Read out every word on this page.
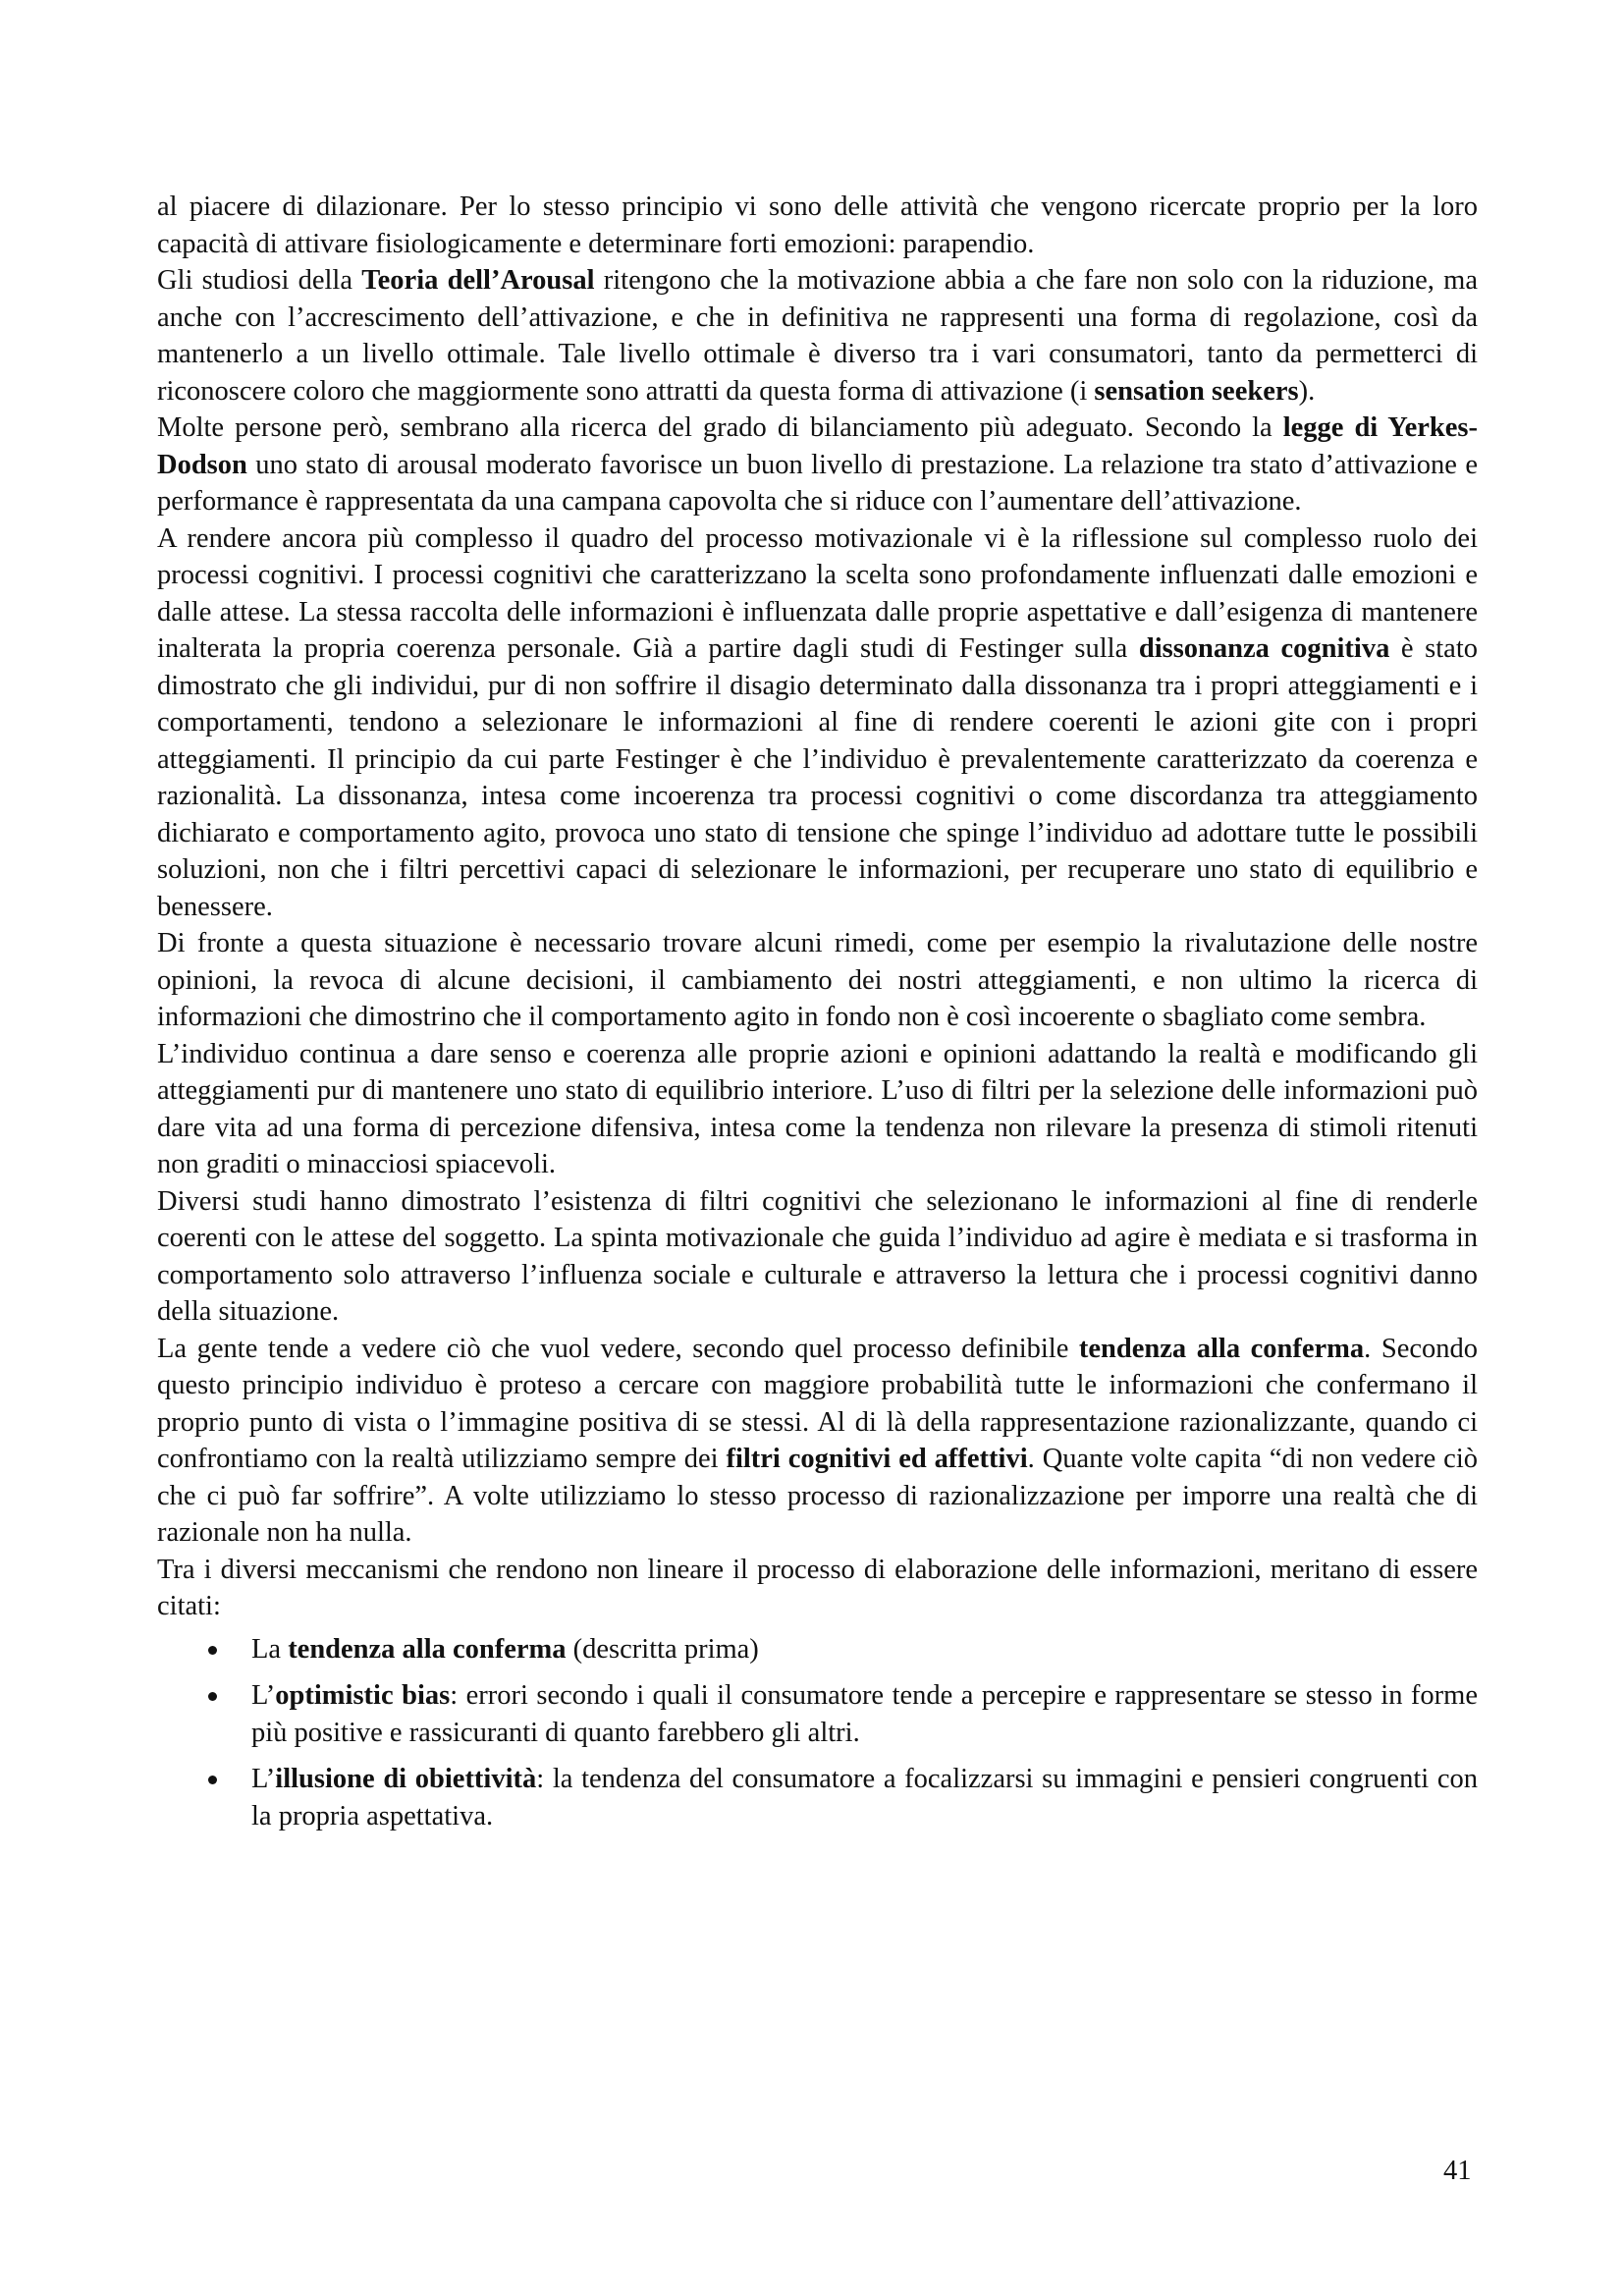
al piacere di dilazionare. Per lo stesso principio vi sono delle attività che vengono ricercate proprio per la loro capacità di attivare fisiologicamente e determinare forti emozioni: parapendio.

Gli studiosi della Teoria dell’Arousal ritengono che la motivazione abbia a che fare non solo con la riduzione, ma anche con l’accrescimento dell’attivazione, e che in definitiva ne rappresenti una forma di regolazione, così da mantenerlo a un livello ottimale. Tale livello ottimale è diverso tra i vari consumatori, tanto da permetterci di riconoscere coloro che maggiormente sono attratti da questa forma di attivazione (i sensation seekers).

Molte persone però, sembrano alla ricerca del grado di bilanciamento più adeguato. Secondo la legge di Yerkes-Dodson uno stato di arousal moderato favorisce un buon livello di prestazione. La relazione tra stato d’attivazione e performance è rappresentata da una campana capovolta che si riduce con l’aumentare dell’attivazione.

A rendere ancora più complesso il quadro del processo motivazionale vi è la riflessione sul complesso ruolo dei processi cognitivi. I processi cognitivi che caratterizzano la scelta sono profondamente influenzati dalle emozioni e dalle attese. La stessa raccolta delle informazioni è influenzata dalle proprie aspettative e dall’esigenza di mantenere inalterata la propria coerenza personale. Già a partire dagli studi di Festinger sulla dissonanza cognitiva è stato dimostrato che gli individui, pur di non soffrire il disagio determinato dalla dissonanza tra i propri atteggiamenti e i comportamenti, tendono a selezionare le informazioni al fine di rendere coerenti le azioni gite con i propri atteggiamenti. Il principio da cui parte Festinger è che l’individuo è prevalentemente caratterizzato da coerenza e razionalità. La dissonanza, intesa come incoerenza tra processi cognitivi o come discordanza tra atteggiamento dichiarato e comportamento agito, provoca uno stato di tensione che spinge l’individuo ad adottare tutte le possibili soluzioni, non che i filtri percettivi capaci di selezionare le informazioni, per recuperare uno stato di equilibrio e benessere.

Di fronte a questa situazione è necessario trovare alcuni rimedi, come per esempio la rivalutazione delle nostre opinioni, la revoca di alcune decisioni, il cambiamento dei nostri atteggiamenti, e non ultimo la ricerca di informazioni che dimostrino che il comportamento agito in fondo non è così incoerente o sbagliato come sembra.

L’individuo continua a dare senso e coerenza alle proprie azioni e opinioni adattando la realtà e modificando gli atteggiamenti pur di mantenere uno stato di equilibrio interiore. L’uso di filtri per la selezione delle informazioni può dare vita ad una forma di percezione difensiva, intesa come la tendenza non rilevare la presenza di stimoli ritenuti non graditi o minacciosi spiacevoli.

Diversi studi hanno dimostrato l’esistenza di filtri cognitivi che selezionano le informazioni al fine di renderle coerenti con le attese del soggetto. La spinta motivazionale che guida l’individuo ad agire è mediata e si trasforma in comportamento solo attraverso l’influenza sociale e culturale e attraverso la lettura che i processi cognitivi danno della situazione.

La gente tende a vedere ciò che vuol vedere, secondo quel processo definibile tendenza alla conferma. Secondo questo principio individuo è proteso a cercare con maggiore probabilità tutte le informazioni che confermano il proprio punto di vista o l’immagine positiva di se stessi. Al di là della rappresentazione razionalizzante, quando ci confrontiamo con la realtà utilizziamo sempre dei filtri cognitivi ed affettivi. Quante volte capita “di non vedere ciò che ci può far soffrire”. A volte utilizziamo lo stesso processo di razionalizzazione per imporre una realtà che di razionale non ha nulla.

Tra i diversi meccanismi che rendono non lineare il processo di elaborazione delle informazioni, meritano di essere citati:

La tendenza alla conferma (descritta prima)
L’optimistic bias: errori secondo i quali il consumatore tende a percepire e rappresentare se stesso in forme più positive e rassicuranti di quanto farebbero gli altri.
L’illusione di obiettività: la tendenza del consumatore a focalizzarsi su immagini e pensieri congruenti con la propria aspettativa.
41
